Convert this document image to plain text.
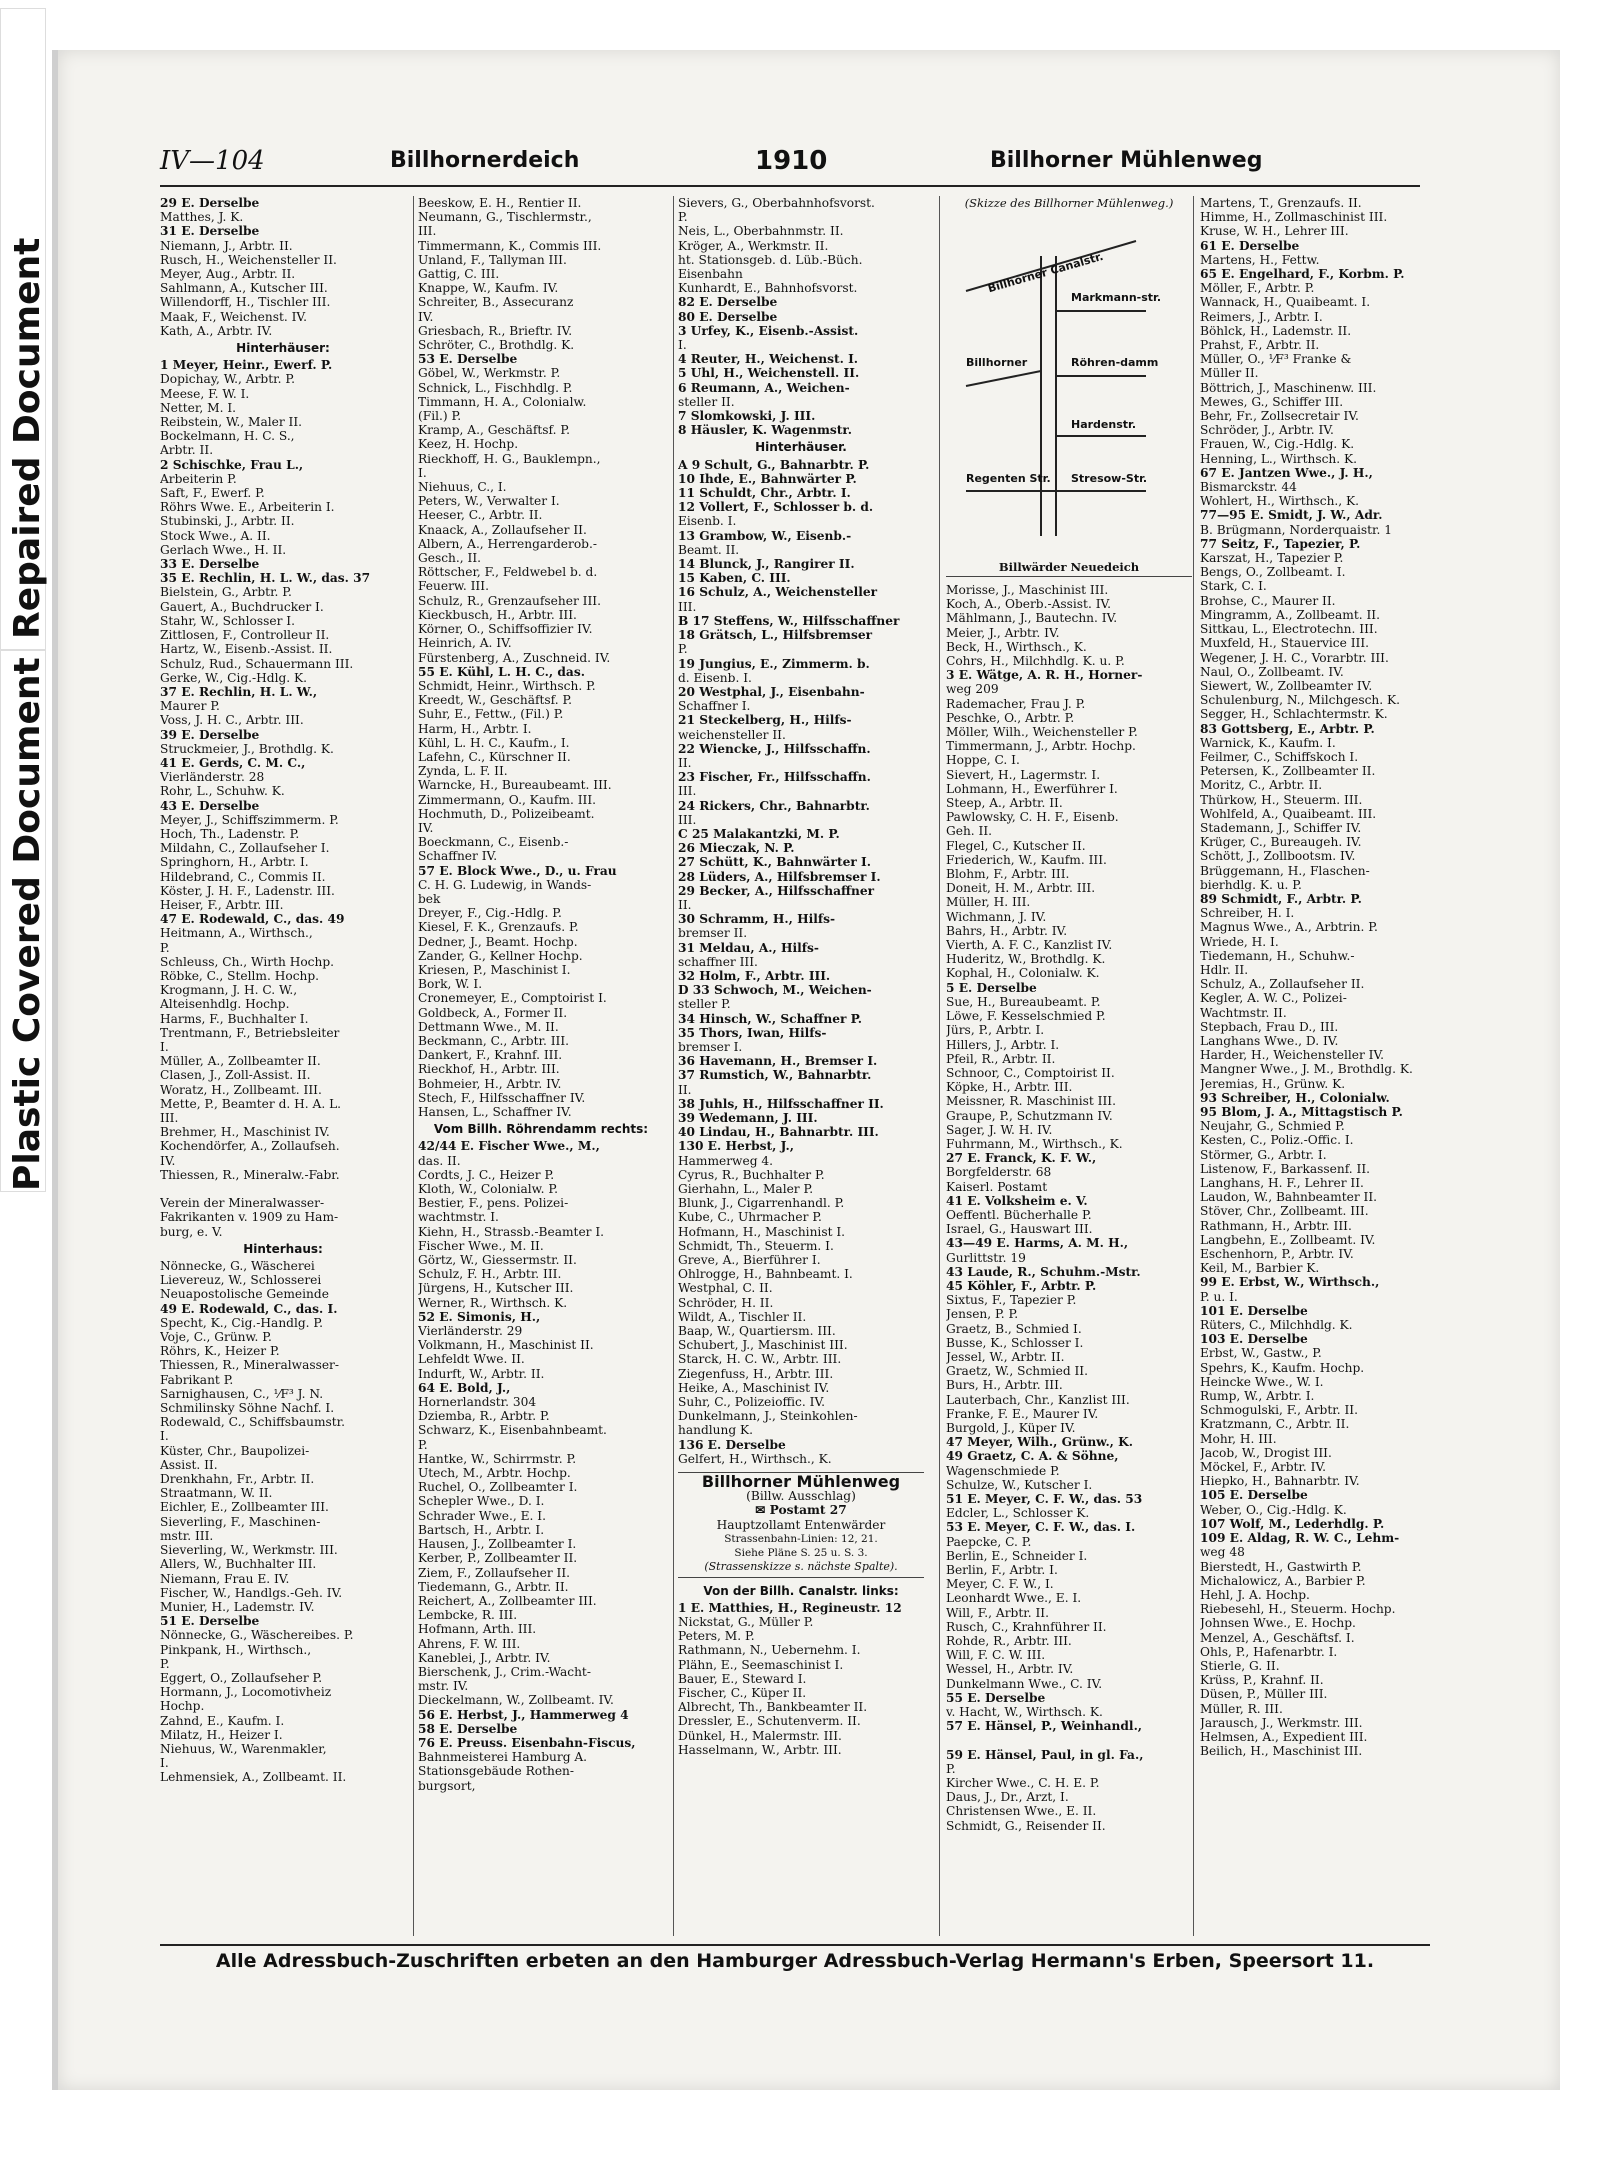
Repaired Document
Plastic Covered Document
IV—104	Billhornerdeich	1910	Billhorner Mühlenweg
29 E. Derselbe
Matthes, J. K.
31 E. Derselbe
Niemann, J., Arbtr. II.
Rusch, H., Weichensteller II.
Meyer, Aug., Arbtr. II.
Sahlmann, A., Kutscher III.
Willendorff, H., Tischler III.
Maak, F., Weichenst. IV.
Kath, A., Arbtr. IV.
Hinterhäuser:
1 Meyer, Heinr., Ewerf. P.
Dopichay, W., Arbtr. P.
Meese, F. W. I.
Netter, M. I.
Reibstein, W., Maler II.
Bockelmann, H. C. S.,
Arbtr. II.
2 Schischke, Frau L.,
Arbeiterin P.
Saft, F., Ewerf. P.
Röhrs Wwe. E., Arbeiterin I.
Stubinski, J., Arbtr. II.
Stock Wwe., A. II.
Gerlach Wwe., H. II.
33 E. Derselbe
35 E. Rechlin, H. L. W., das. 37
Bielstein, G., Arbtr. P.
Gauert, A., Buchdrucker I.
Stahr, W., Schlosser I.
Zittlosen, F., Controlleur II.
Hartz, W., Eisenb.-Assist. II.
Schulz, Rud., Schauermann III.
Gerke, W., Cig.-Hdlg. K.
37 E. Rechlin, H. L. W.,
Maurer P.
Voss, J. H. C., Arbtr. III.
39 E. Derselbe
Struckmeier, J., Brothdlg. K.
41 E. Gerds, C. M. C.,
Vierländerstr. 28
Rohr, L., Schuhw. K.
43 E. Derselbe
Meyer, J., Schiffszimmerm. P.
Hoch, Th., Ladenstr. P.
Mildahn, C., Zollaufseher I.
Springhorn, H., Arbtr. I.
Hildebrand, C., Commis II.
Köster, J. H. F., Ladenstr. III.
Heiser, F., Arbtr. III.
47 E. Rodewald, C., das. 49
Heitmann, A., Wirthsch.,
P.
Schleuss, Ch., Wirth Hochp.
Röbke, C., Stellm. Hochp.
Krogmann, J. H. C. W.,
Alteisenhdlg. Hochp.
Harms, F., Buchhalter I.
Trentmann, F., Betriebsleiter
I.
Müller, A., Zollbeamter II.
Clasen, J., Zoll-Assist. II.
Woratz, H., Zollbeamt. III.
Mette, P., Beamter d. H. A. L.
III.
Brehmer, H., Maschinist IV.
Kochendörfer, A., Zollaufseh.
IV.
Thiessen, R., Mineralw.-Fabr.

Verein der Mineralwasser-
Fakrikanten v. 1909 zu Ham-
burg, e. V.
Hinterhaus:
Nönnecke, G., Wäscherei
Lievereuz, W., Schlosserei
Neuapostolische Gemeinde
49 E. Rodewald, C., das. I.
Specht, K., Cig.-Handlg. P.
Voje, C., Grünw. P.
Röhrs, K., Heizer P.
Thiessen, R., Mineralwasser-
Fabrikant P.
Sarnighausen, C., ⅟F³ J. N.
Schmilinsky Söhne Nachf. I.
Rodewald, C., Schiffsbaumstr.
I.
Küster, Chr., Baupolizei-
Assist. II.
Drenkhahn, Fr., Arbtr. II.
Straatmann, W. II.
Eichler, E., Zollbeamter III.
Sieverling, F., Maschinen-
mstr. III.
Sieverling, W., Werkmstr. III.
Allers, W., Buchhalter III.
Niemann, Frau E. IV.
Fischer, W., Handlgs.-Geh. IV.
Munier, H., Lademstr. IV.
51 E. Derselbe
Nönnecke, G., Wäschereibes. P.
Pinkpank, H., Wirthsch.,
P.
Eggert, O., Zollaufseher P.
Hormann, J., Locomotivheiz
Hochp.
Zahnd, E., Kaufm. I.
Milatz, H., Heizer I.
Niehuus, W., Warenmakler,
I.
Lehmensiek, A., Zollbeamt. II.
Beeskow, E. H., Rentier II.
Neumann, G., Tischlermstr.,
III.
Timmermann, K., Commis III.
Unland, F., Tallyman III.
Gattig, C. III.
Knappe, W., Kaufm. IV.
Schreiter, B., Assecuranz
IV.
Griesbach, R., Brieftr. IV.
Schröter, C., Brothdlg. K.
53 E. Derselbe
Göbel, W., Werkmstr. P.
Schnick, L., Fischhdlg. P.
Timmann, H. A., Colonialw.
(Fil.) P.
Kramp, A., Geschäftsf. P.
Keez, H. Hochp.
Rieckhoff, H. G., Bauklempn.,
I.
Niehuus, C., I.
Peters, W., Verwalter I.
Heeser, C., Arbtr. II.
Knaack, A., Zollaufseher II.
Albern, A., Herrengarderob.-
Gesch., II.
Röttscher, F., Feldwebel b. d.
Feuerw. III.
Schulz, R., Grenzaufseher III.
Kieckbusch, H., Arbtr. III.
Körner, O., Schiffsoffizier IV.
Heinrich, A. IV.
Fürstenberg, A., Zuschneid. IV.
55 E. Kühl, L. H. C., das.
Schmidt, Heinr., Wirthsch. P.
Kreedt, W., Geschäftsf. P.
Suhr, E., Fettw., (Fil.) P.
Harm, H., Arbtr. I.
Kühl, L. H. C., Kaufm., I.
Lafehn, C., Kürschner II.
Zynda, L. F. II.
Warncke, H., Bureaubeamt. III.
Zimmermann, O., Kaufm. III.
Hochmuth, D., Polizeibeamt.
IV.
Boeckmann, C., Eisenb.-
Schaffner IV.
57 E. Block Wwe., D., u. Frau
C. H. G. Ludewig, in Wands-
bek
Dreyer, F., Cig.-Hdlg. P.
Kiesel, F. K., Grenzaufs. P.
Dedner, J., Beamt. Hochp.
Zander, G., Kellner Hochp.
Kriesen, P., Maschinist I.
Bork, W. I.
Cronemeyer, E., Comptoirist I.
Goldbeck, A., Former II.
Dettmann Wwe., M. II.
Beckmann, C., Arbtr. III.
Dankert, F., Krahnf. III.
Rieckhof, H., Arbtr. III.
Bohmeier, H., Arbtr. IV.
Stech, F., Hilfsschaffner IV.
Hansen, L., Schaffner IV.
Vom Billh. Röhrendamm rechts:
42/44 E. Fischer Wwe., M.,
das. II.
Cordts, J. C., Heizer P.
Kloth, W., Colonialw. P.
Bestier, F., pens. Polizei-
wachtmstr. I.
Kiehn, H., Strassb.-Beamter I.
Fischer Wwe., M. II.
Görtz, W., Giessermstr. II.
Schulz, F. H., Arbtr. III.
Jürgens, H., Kutscher III.
Werner, R., Wirthsch. K.
52 E. Simonis, H.,
Vierländerstr. 29
Volkmann, H., Maschinist II.
Lehfeldt Wwe. II.
Indurft, W., Arbtr. II.
64 E. Bold, J.,
Hornerlandstr. 304
Dziemba, R., Arbtr. P.
Schwarz, K., Eisenbahnbeamt.
P.
Hantke, W., Schirrmstr. P.
Utech, M., Arbtr. Hochp.
Ruchel, O., Zollbeamter I.
Schepler Wwe., D. I.
Schrader Wwe., E. I.
Bartsch, H., Arbtr. I.
Hausen, J., Zollbeamter I.
Kerber, P., Zollbeamter II.
Ziem, F., Zollaufseher II.
Tiedemann, G., Arbtr. II.
Reichert, A., Zollbeamter III.
Lembcke, R. III.
Hofmann, Arth. III.
Ahrens, F. W. III.
Kaneblei, J., Arbtr. IV.
Bierschenk, J., Crim.-Wacht-
mstr. IV.
Dieckelmann, W., Zollbeamt. IV.
56 E. Herbst, J., Hammerweg 4
58 E. Derselbe
76 E. Preuss. Eisenbahn-Fiscus,
Bahnmeisterei Hamburg A.
Stationsgebäude Rothen-
burgsort,
Sievers, G., Oberbahnhofsvorst.
P.
Neis, L., Oberbahnmstr. II.
Kröger, A., Werkmstr. II.
ht. Stationsgeb. d. Lüb.-Büch.
Eisenbahn
Kunhardt, E., Bahnhofsvorst.
82 E. Derselbe
80 E. Derselbe
3 Urfey, K., Eisenb.-Assist.
I.
4 Reuter, H., Weichenst. I.
5 Uhl, H., Weichenstell. II.
6 Reumann, A., Weichen-
steller II.
7 Slomkowski, J. III.
8 Häusler, K. Wagenmstr.
Hinterhäuser.
A 9 Schult, G., Bahnarbtr. P.
10 Ihde, E., Bahnwärter P.
11 Schuldt, Chr., Arbtr. I.
12 Vollert, F., Schlosser b. d.
Eisenb. I.
13 Grambow, W., Eisenb.-
Beamt. II.
14 Blunck, J., Rangirer II.
15 Kaben, C. III.
16 Schulz, A., Weichensteller
III.
B 17 Steffens, W., Hilfsschaffner
18 Grätsch, L., Hilfsbremser
P.
19 Jungius, E., Zimmerm. b.
d. Eisenb. I.
20 Westphal, J., Eisenbahn-
Schaffner I.
21 Steckelberg, H., Hilfs-
weichensteller II.
22 Wiencke, J., Hilfsschaffn.
II.
23 Fischer, Fr., Hilfsschaffn.
III.
24 Rickers, Chr., Bahnarbtr.
III.
C 25 Malakantzki, M. P.
26 Mieczak, N. P.
27 Schütt, K., Bahnwärter I.
28 Lüders, A., Hilfsbremser I.
29 Becker, A., Hilfsschaffner
II.
30 Schramm, H., Hilfs-
bremser II.
31 Meldau, A., Hilfs-
schaffner III.
32 Holm, F., Arbtr. III.
D 33 Schwoch, M., Weichen-
steller P.
34 Hinsch, W., Schaffner P.
35 Thors, Iwan, Hilfs-
bremser I.
36 Havemann, H., Bremser I.
37 Rumstich, W., Bahnarbtr.
II.
38 Juhls, H., Hilfsschaffner II.
39 Wedemann, J. III.
40 Lindau, H., Bahnarbtr. III.
130 E. Herbst, J.,
Hammerweg 4.
Cyrus, R., Buchhalter P.
Gierhahn, L., Maler P.
Blunk, J., Cigarrenhandl. P.
Kube, C., Uhrmacher P.
Hofmann, H., Maschinist I.
Schmidt, Th., Steuerm. I.
Greve, A., Bierführer I.
Ohlrogge, H., Bahnbeamt. I.
Westphal, C. II.
Schröder, H. II.
Wildt, A., Tischler II.
Baap, W., Quartiersm. III.
Schubert, J., Maschinist III.
Starck, H. C. W., Arbtr. III.
Ziegenfuss, H., Arbtr. III.
Heike, A., Maschinist IV.
Suhr, C., Polizeioffic. IV.
Dunkelmann, J., Steinkohlen-
handlung K.
136 E. Derselbe
Gelfert, H., Wirthsch., K.
Billhorner Mühlenweg
(Billw. Ausschlag)
✉ Postamt 27
Hauptzollamt Entenwärder
Strassenbahn-Linien: 12, 21.
Siehe Pläne S. 25 u. S. 3.
(Strassenskizze s. nächste Spalte).
Von der Billh. Canalstr. links:
1 E. Matthies, H., Regineustr. 12
Nickstat, G., Müller P.
Peters, M. P.
Rathmann, N., Uebernehm. I.
Plähn, E., Seemaschinist I.
Bauer, E., Steward I.
Fischer, C., Küper II.
Albrecht, Th., Bankbeamter II.
Dressler, E., Schutenverm. II.
Dünkel, H., Malermstr. III.
Hasselmann, W., Arbtr. III.
(Skizze des Billhorner Mühlenweg.)
Billhorner Canalstr.
Markmann-str.
Billhorner	Röhren-damm
Hardenstr.
Stresow-Str.
Regenten Str.
Billwärder Neuedeich
Morisse, J., Maschinist III.
Koch, A., Oberb.-Assist. IV.
Mählmann, J., Bautechn. IV.
Meier, J., Arbtr. IV.
Beck, H., Wirthsch., K.
Cohrs, H., Milchhdlg. K. u. P.
3 E. Wätge, A. R. H., Horner-
weg 209
Rademacher, Frau J. P.
Peschke, O., Arbtr. P.
Möller, Wilh., Weichensteller P.
Timmermann, J., Arbtr. Hochp.
Hoppe, C. I.
Sievert, H., Lagermstr. I.
Lohmann, H., Ewerführer I.
Steep, A., Arbtr. II.
Pawlowsky, C. H. F., Eisenb.
Geh. II.
Flegel, C., Kutscher II.
Friederich, W., Kaufm. III.
Blohm, F., Arbtr. III.
Doneit, H. M., Arbtr. III.
Müller, H. III.
Wichmann, J. IV.
Bahrs, H., Arbtr. IV.
Vierth, A. F. C., Kanzlist IV.
Huderitz, W., Brothdlg. K.
Kophal, H., Colonialw. K.
5 E. Derselbe
Sue, H., Bureaubeamt. P.
Löwe, F. Kesselschmied P.
Jürs, P., Arbtr. I.
Hillers, J., Arbtr. I.
Pfeil, R., Arbtr. II.
Schnoor, C., Comptoirist II.
Köpke, H., Arbtr. III.
Meissner, R. Maschinist III.
Graupe, P., Schutzmann IV.
Sager, J. W. H. IV.
Fuhrmann, M., Wirthsch., K.
27 E. Franck, K. F. W.,
Borgfelderstr. 68
Kaiserl. Postamt
41 E. Volksheim e. V.
Oeffentl. Bücherhalle P.
Israel, G., Hauswart III.
43—49 E. Harms, A. M. H.,
Gurlittstr. 19
43 Laude, R., Schuhm.-Mstr.
45 Köhler, F., Arbtr. P.
Sixtus, F., Tapezier P.
Jensen, P. P.
Graetz, B., Schmied I.
Busse, K., Schlosser I.
Jessel, W., Arbtr. II.
Graetz, W., Schmied II.
Burs, H., Arbtr. III.
Lauterbach, Chr., Kanzlist III.
Franke, F. E., Maurer IV.
Burgold, J., Küper IV.
47 Meyer, Wilh., Grünw., K.
49 Graetz, C. A. & Söhne,
Wagenschmiede P.
Schulze, W., Kutscher I.
51 E. Meyer, C. F. W., das. 53
Edcler, L., Schlosser K.
53 E. Meyer, C. F. W., das. I.
Paepcke, C. P.
Berlin, E., Schneider I.
Berlin, F., Arbtr. I.
Meyer, C. F. W., I.
Leonhardt Wwe., E. I.
Will, F., Arbtr. II.
Rusch, C., Krahnführer II.
Rohde, R., Arbtr. III.
Will, F. C. W. III.
Wessel, H., Arbtr. IV.
Dunkelmann Wwe., C. IV.
55 E. Derselbe
v. Hacht, W., Wirthsch. K.
57 E. Hänsel, P., Weinhandl.,

59 E. Hänsel, Paul, in gl. Fa.,
P.
Kircher Wwe., C. H. E. P.
Daus, J., Dr., Arzt, I.
Christensen Wwe., E. II.
Schmidt, G., Reisender II.
Martens, T., Grenzaufs. II.
Himme, H., Zollmaschinist III.
Kruse, W. H., Lehrer III.
61 E. Derselbe
Martens, H., Fettw.
65 E. Engelhard, F., Korbm. P.
Möller, F., Arbtr. P.
Wannack, H., Quaibeamt. I.
Reimers, J., Arbtr. I.
Böhlck, H., Lademstr. II.
Prahst, F., Arbtr. II.
Müller, O., ⅟F³ Franke &
Müller II.
Böttrich, J., Maschinenw. III.
Mewes, G., Schiffer III.
Behr, Fr., Zollsecretair IV.
Schröder, J., Arbtr. IV.
Frauen, W., Cig.-Hdlg. K.
Henning, L., Wirthsch. K.
67 E. Jantzen Wwe., J. H.,
Bismarckstr. 44
Wohlert, H., Wirthsch., K.
77—95 E. Smidt, J. W., Adr.
B. Brügmann, Norderquaistr. 1
77 Seitz, F., Tapezier, P.
Karszat, H., Tapezier P.
Bengs, O., Zollbeamt. I.
Stark, C. I.
Brohse, C., Maurer II.
Mingramm, A., Zollbeamt. II.
Sittkau, L., Electrotechn. III.
Muxfeld, H., Stauervice III.
Wegener, J. H. C., Vorarbtr. III.
Naul, O., Zollbeamt. IV.
Siewert, W., Zollbeamter IV.
Schulenburg, N., Milchgesch. K.
Segger, H., Schlachtermstr. K.
83 Gottsberg, E., Arbtr. P.
Warnick, K., Kaufm. I.
Feilmer, C., Schiffskoch I.
Petersen, K., Zollbeamter II.
Moritz, C., Arbtr. II.
Thürkow, H., Steuerm. III.
Wohlfeld, A., Quaibeamt. III.
Stademann, J., Schiffer IV.
Krüger, C., Bureaugeh. IV.
Schött, J., Zollbootsm. IV.
Brüggemann, H., Flaschen-
bierhdlg. K. u. P.
89 Schmidt, F., Arbtr. P.
Schreiber, H. I.
Magnus Wwe., A., Arbtrin. P.
Wriede, H. I.
Tiedemann, H., Schuhw.-
Hdlr. II.
Schulz, A., Zollaufseher II.
Kegler, A. W. C., Polizei-
Wachtmstr. II.
Stepbach, Frau D., III.
Langhans Wwe., D. IV.
Harder, H., Weichensteller IV.
Mangner Wwe., J. M., Brothdlg. K.
Jeremias, H., Grünw. K.
93 Schreiber, H., Colonialw.
95 Blom, J. A., Mittagstisch P.
Neujahr, G., Schmied P.
Kesten, C., Poliz.-Offic. I.
Störmer, G., Arbtr. I.
Listenow, F., Barkassenf. II.
Langhans, H. F., Lehrer II.
Laudon, W., Bahnbeamter II.
Stöver, Chr., Zollbeamt. III.
Rathmann, H., Arbtr. III.
Langbehn, E., Zollbeamt. IV.
Eschenhorn, P., Arbtr. IV.
Keil, M., Barbier K.
99 E. Erbst, W., Wirthsch.,
P. u. I.
101 E. Derselbe
Rüters, C., Milchhdlg. K.
103 E. Derselbe
Erbst, W., Gastw., P.
Spehrs, K., Kaufm. Hochp.
Heincke Wwe., W. I.
Rump, W., Arbtr. I.
Schmogulski, F., Arbtr. II.
Kratzmann, C., Arbtr. II.
Mohr, H. III.
Jacob, W., Drogist III.
Möckel, F., Arbtr. IV.
Hiepko, H., Bahnarbtr. IV.
105 E. Derselbe
Weber, O., Cig.-Hdlg. K.
107 Wolf, M., Lederhdlg. P.
109 E. Aldag, R. W. C., Lehm-
weg 48
Bierstedt, H., Gastwirth P.
Michalowicz, A., Barbier P.
Hehl, J. A. Hochp.
Riebesehl, H., Steuerm. Hochp.
Johnsen Wwe., E. Hochp.
Menzel, A., Geschäftsf. I.
Ohls, P., Hafenarbtr. I.
Stierle, G. II.
Krüss, P., Krahnf. II.
Düsen, P., Müller III.
Müller, R. III.
Jarausch, J., Werkmstr. III.
Helmsen, A., Expedient III.
Beilich, H., Maschinist III.
Alle Adressbuch-Zuschriften erbeten an den Hamburger Adressbuch-Verlag Hermann's Erben, Speersort 11.
